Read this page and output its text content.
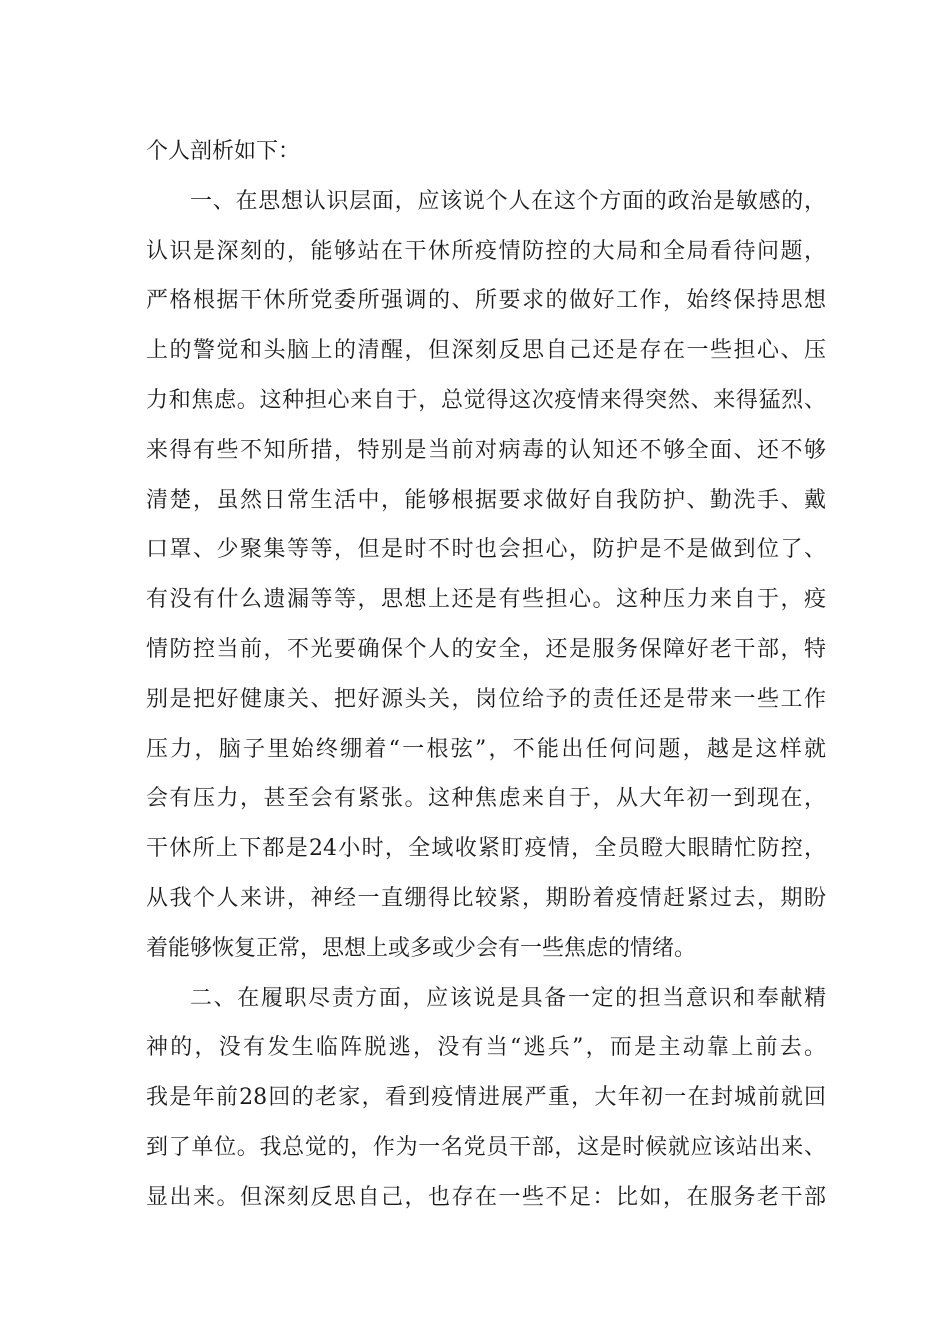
个人剖析如下：
一、在思想认识层面，应该说个人在这个方面的政治是敏感的，
认识是深刻的，能够站在干休所疫情防控的大局和全局看待问题，
严格根据干休所党委所强调的、所要求的做好工作，始终保持思想
上的警觉和头脑上的清醒，但深刻反思自己还是存在一些担心、压
力和焦虑。这种担心来自于，总觉得这次疫情来得突然、来得猛烈、
来得有些不知所措，特别是当前对病毒的认知还不够全面、还不够
清楚，虽然日常生活中，能够根据要求做好自我防护、勤洗手、戴
口罩、少聚集等等，但是时不时也会担心，防护是不是做到位了、
有没有什么遗漏等等，思想上还是有些担心。这种压力来自于，疫
情防控当前，不光要确保个人的安全，还是服务保障好老干部，特
别是把好健康关、把好源头关，岗位给予的责任还是带来一些工作
压力，脑子里始终绷着“一根弦”，不能出任何问题，越是这样就
会有压力，甚至会有紧张。这种焦虑来自于，从大年初一到现在，
干休所上下都是24小时，全域收紧盯疫情，全员瞪大眼睛忙防控，
从我个人来讲，神经一直绷得比较紧，期盼着疫情赶紧过去，期盼
着能够恢复正常，思想上或多或少会有一些焦虑的情绪。
二、在履职尽责方面，应该说是具备一定的担当意识和奉献精
神的，没有发生临阵脱逃，没有当“逃兵”，而是主动靠上前去。
我是年前28回的老家，看到疫情进展严重，大年初一在封城前就回
到了单位。我总觉的，作为一名党员干部，这是时候就应该站出来、
显出来。但深刻反思自己，也存在一些不足：比如，在服务老干部
